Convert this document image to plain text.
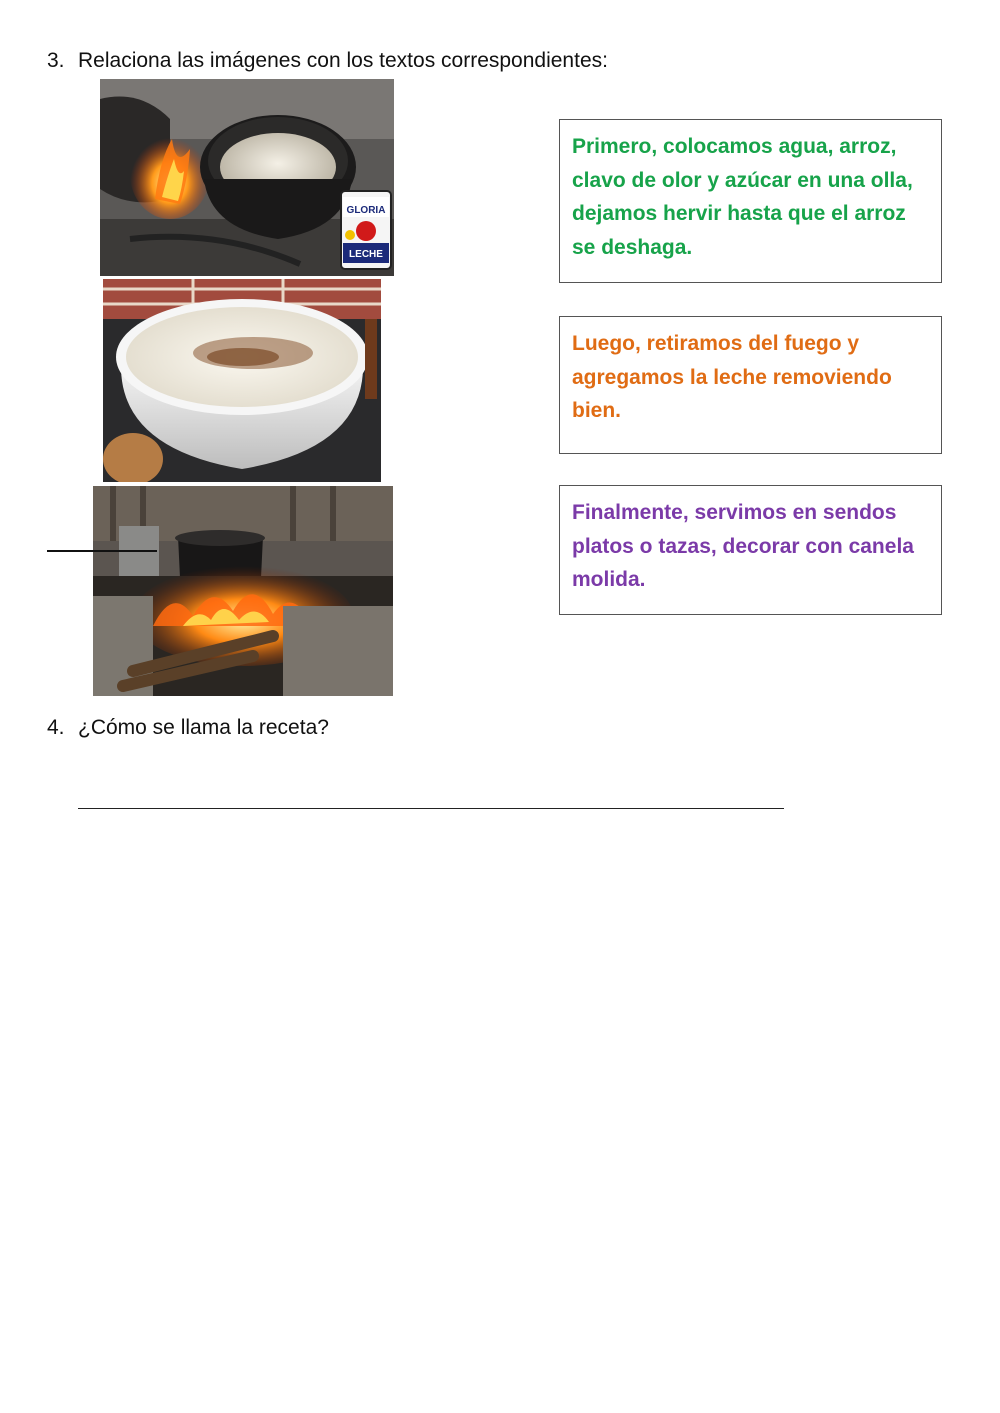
3. Relaciona las imágenes con los textos correspondientes:
GLORIA
LECHE
Primero, colocamos agua, arroz, clavo de olor y azúcar en una olla, dejamos hervir hasta que el arroz se deshaga.
Luego, retiramos del fuego y agregamos la leche removiendo bien.
Finalmente, servimos en sendos platos o tazas, decorar con canela molida.
4. ¿Cómo se llama la receta?
